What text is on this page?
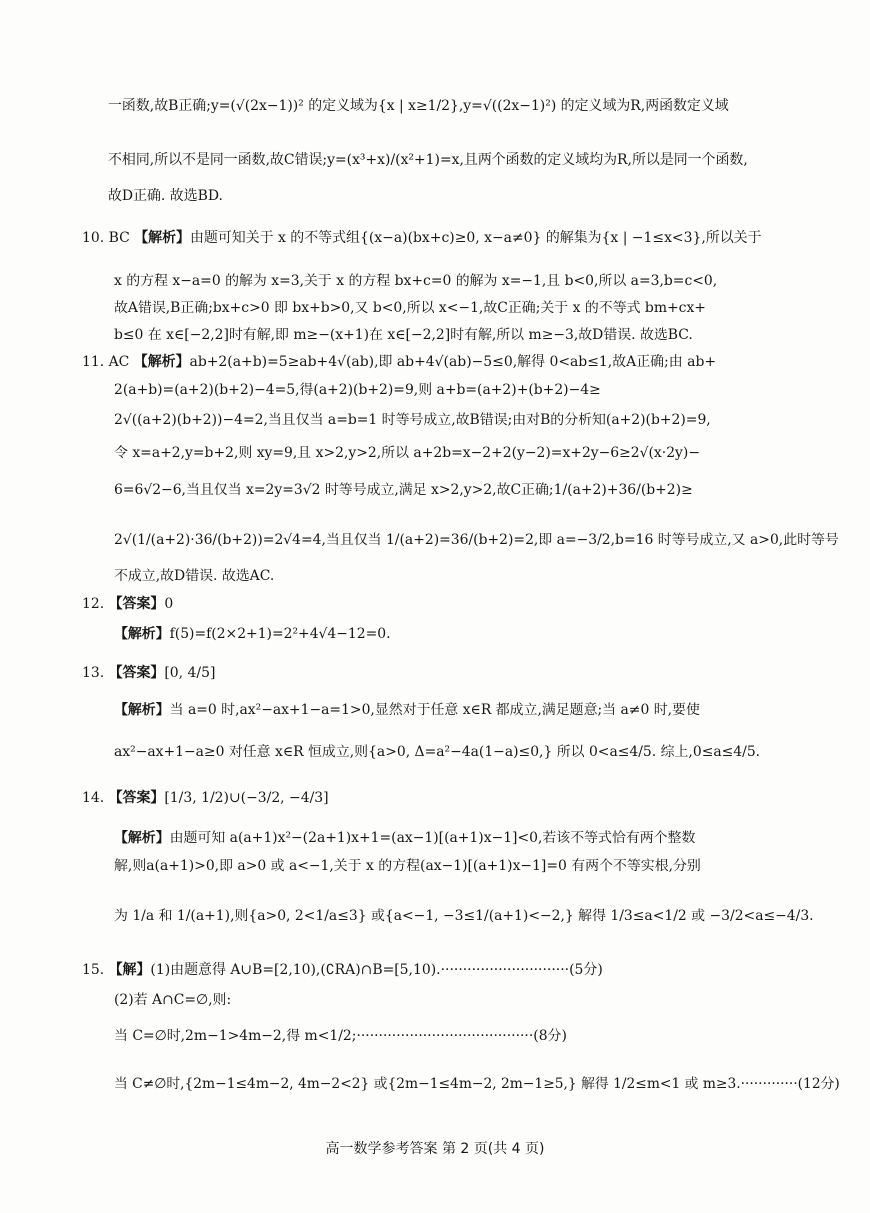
一函数,故B正确;y=(√(2x−1))² 的定义域为{x | x≥1/2},y=√((2x−1)²) 的定义域为R,两函数定义域
不相同,所以不是同一函数,故C错误;y=(x³+x)/(x²+1)=x,且两个函数的定义域均为R,所以是同一个函数,
故D正确. 故选BD.
10. BC 【解析】由题可知关于 x 的不等式组{(x−a)(bx+c)≥0, x−a≠0} 的解集为{x | −1≤x<3},所以关于
x 的方程 x−a=0 的解为 x=3,关于 x 的方程 bx+c=0 的解为 x=−1,且 b<0,所以 a=3,b=c<0,
故A错误,B正确;bx+c>0 即 bx+b>0,又 b<0,所以 x<−1,故C正确;关于 x 的不等式 bm+cx+
b≤0 在 x∈[−2,2]时有解,即 m≥−(x+1)在 x∈[−2,2]时有解,所以 m≥−3,故D错误. 故选BC.
11. AC 【解析】ab+2(a+b)=5≥ab+4√(ab),即 ab+4√(ab)−5≤0,解得 0<ab≤1,故A正确;由 ab+
2(a+b)=(a+2)(b+2)−4=5,得(a+2)(b+2)=9,则 a+b=(a+2)+(b+2)−4≥
2√((a+2)(b+2))−4=2,当且仅当 a=b=1 时等号成立,故B错误;由对B的分析知(a+2)(b+2)=9,
令 x=a+2,y=b+2,则 xy=9,且 x>2,y>2,所以 a+2b=x−2+2(y−2)=x+2y−6≥2√(x·2y)−
6=6√2−6,当且仅当 x=2y=3√2 时等号成立,满足 x>2,y>2,故C正确;1/(a+2)+36/(b+2)≥
2√(1/(a+2)·36/(b+2))=2√4=4,当且仅当 1/(a+2)=36/(b+2)=2,即 a=−3/2,b=16 时等号成立,又 a>0,此时等号
不成立,故D错误. 故选AC.
12. 【答案】0
【解析】f(5)=f(2×2+1)=2²+4√4−12=0.
13. 【答案】[0, 4/5]
【解析】当 a=0 时,ax²−ax+1−a=1>0,显然对于任意 x∈R 都成立,满足题意;当 a≠0 时,要使
ax²−ax+1−a≥0 对任意 x∈R 恒成立,则{a>0, Δ=a²−4a(1−a)≤0,} 所以 0<a≤4/5. 综上,0≤a≤4/5.
14. 【答案】[1/3, 1/2)∪(−3/2, −4/3]
【解析】由题可知 a(a+1)x²−(2a+1)x+1=(ax−1)[(a+1)x−1]<0,若该不等式恰有两个整数
解,则a(a+1)>0,即 a>0 或 a<−1,关于 x 的方程(ax−1)[(a+1)x−1]=0 有两个不等实根,分别
为 1/a 和 1/(a+1),则{a>0, 2<1/a≤3} 或{a<−1, −3≤1/(a+1)<−2,} 解得 1/3≤a<1/2 或 −3/2<a≤−4/3.
15. 【解】(1)由题意得 A∪B=[2,10),(∁RA)∩B=[5,10).·····························(5分)
(2)若 A∩C=∅,则:
当 C=∅时,2m−1>4m−2,得 m<1/2;········································(8分)
当 C≠∅时,{2m−1≤4m−2, 4m−2<2} 或{2m−1≤4m−2, 2m−1≥5,} 解得 1/2≤m<1 或 m≥3.·············(12分)
高一数学参考答案 第 2 页(共 4 页)
